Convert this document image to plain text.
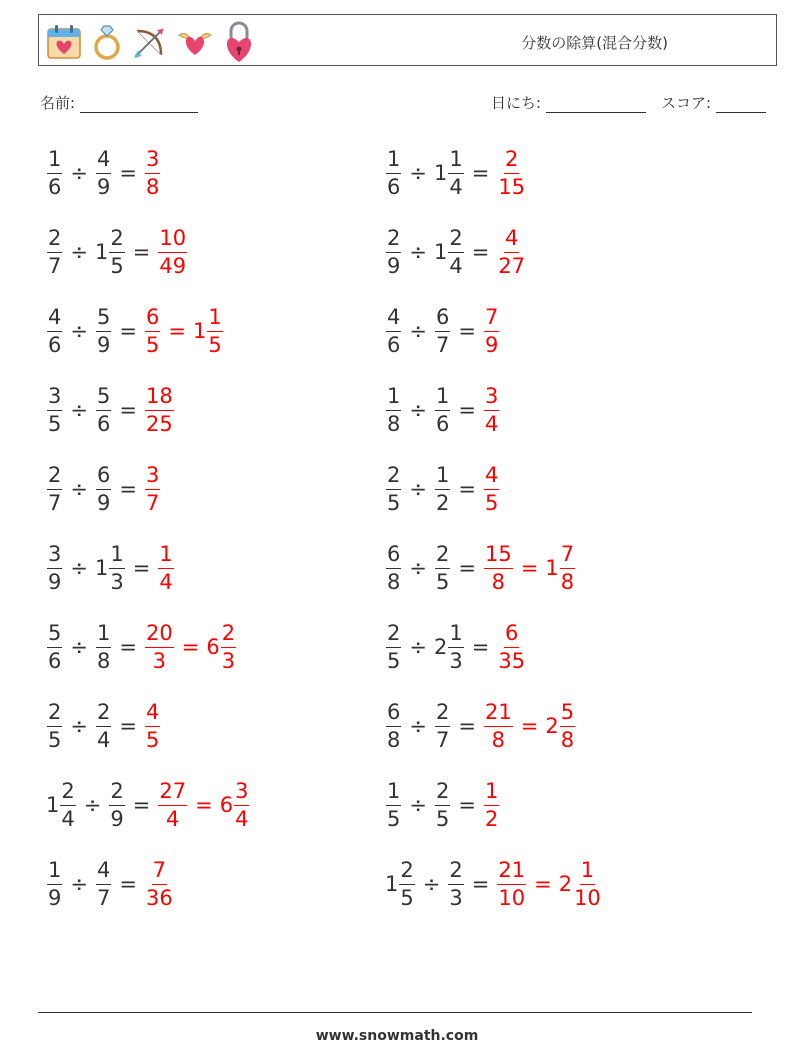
分数の除算(混合分数)
名前:	日にち:	スコア:
$\frac{1}{6} \div \frac{4}{9} = \frac{3}{8}$	$\frac{1}{6} \div 1 \frac{1}{4} = \frac{2}{15}$
$\frac{2}{7} \div 1 \frac{2}{5} = \frac{10}{49}$	$\frac{2}{9} \div 1 \frac{2}{4} = \frac{4}{27}$
$\frac{4}{6} \div \frac{5}{9} = \frac{6}{5} = 1 \frac{1}{5}$	$\frac{4}{6} \div \frac{6}{7} = \frac{7}{9}$
$\frac{3}{5} \div \frac{5}{6} = \frac{18}{25}$	$\frac{1}{8} \div \frac{1}{6} = \frac{3}{4}$
$\frac{2}{7} \div \frac{6}{9} = \frac{3}{7}$	$\frac{2}{5} \div \frac{1}{2} = \frac{4}{5}$
$\frac{3}{9} \div 1 \frac{1}{3} = \frac{1}{4}$	$\frac{6}{8} \div \frac{2}{5} = \frac{15}{8} = 1 \frac{7}{8}$
$\frac{5}{6} \div \frac{1}{8} = \frac{20}{3} = 6 \frac{2}{3}$	$\frac{2}{5} \div 2 \frac{1}{3} = \frac{6}{35}$
$\frac{2}{5} \div \frac{2}{4} = \frac{4}{5}$	$\frac{6}{8} \div \frac{2}{7} = \frac{21}{8} = 2 \frac{5}{8}$
$1 \frac{2}{4} \div \frac{2}{9} = \frac{27}{4} = 6 \frac{3}{4}$	$\frac{1}{5} \div \frac{2}{5} = \frac{1}{2}$
$\frac{1}{9} \div \frac{4}{7} = \frac{7}{36}$	$1 \frac{2}{5} \div \frac{2}{3} = \frac{21}{10} = 2 \frac{1}{10}$
www.snowmath.com
